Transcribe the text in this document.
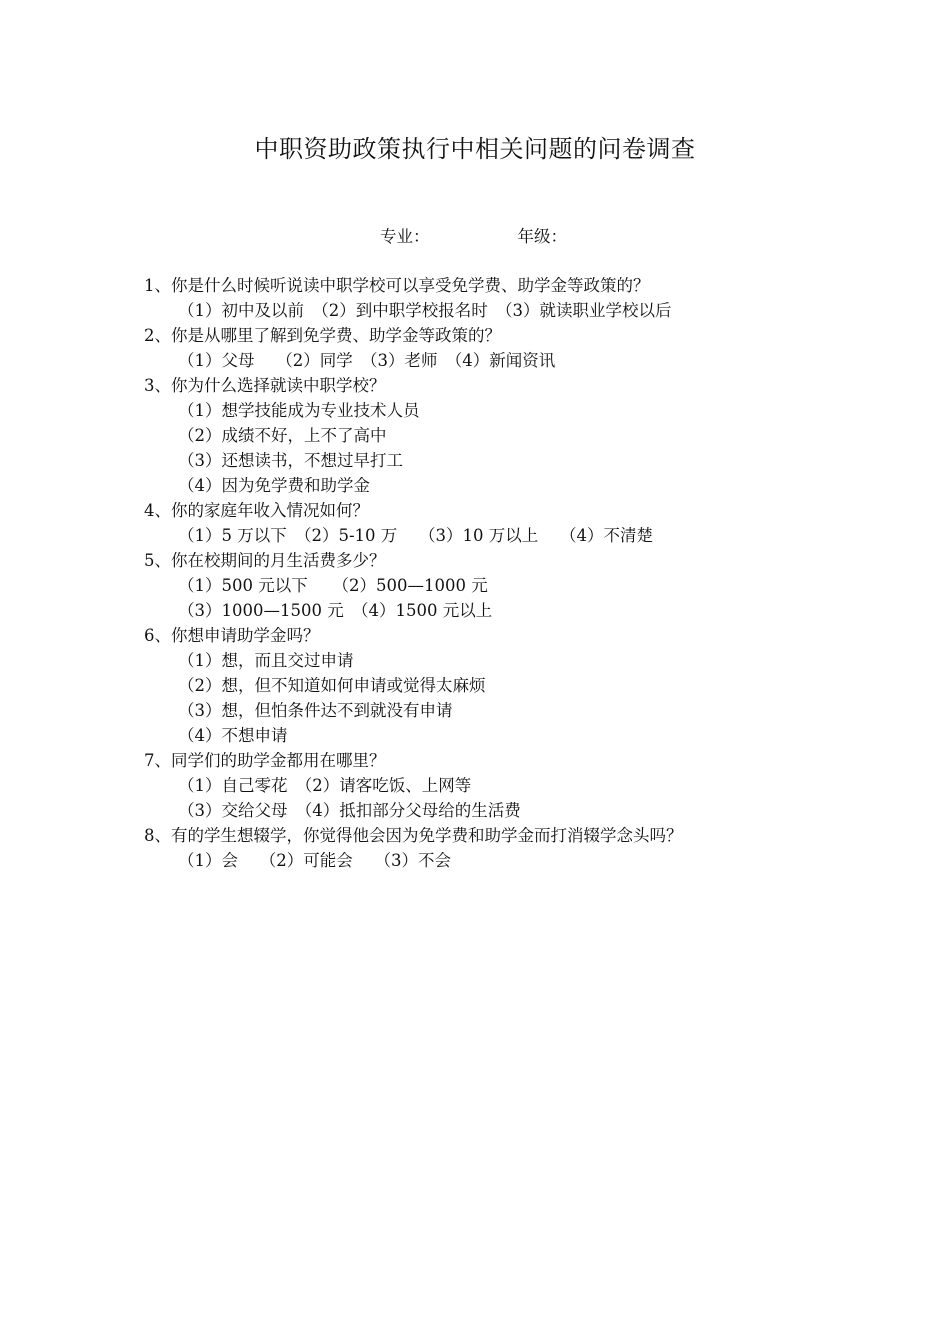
中职资助政策执行中相关问题的问卷调查
专业：	年级：
1、你是什么时候听说读中职学校可以享受免学费、助学金等政策的？
（1）初中及以前　（2）到中职学校报名时　（3）就读职业学校以后
2、你是从哪里了解到免学费、助学金等政策的？
（1）父母　 （2）同学　（3）老师　（4）新闻资讯
3、你为什么选择就读中职学校？
（1）想学技能成为专业技术人员
（2）成绩不好，上不了高中
（3）还想读书，不想过早打工
（4）因为免学费和助学金
4、你的家庭年收入情况如何？
（1）5 万以下　（2）5-10 万　 （3）10 万以上　 （4）不清楚
5、你在校期间的月生活费多少？
（1）500 元以下　　（2）500—1000 元
（3）1000—1500 元　（4）1500 元以上
6、你想申请助学金吗？
（1）想，而且交过申请
（2）想，但不知道如何申请或觉得太麻烦
（3）想，但怕条件达不到就没有申请
（4）不想申请
7、同学们的助学金都用在哪里？
（1）自己零花　（2）请客吃饭、上网等
（3）交给父母　（4）抵扣部分父母给的生活费
8、有的学生想辍学，你觉得他会因为免学费和助学金而打消辍学念头吗？
（1）会　 （2）可能会　 （3）不会
